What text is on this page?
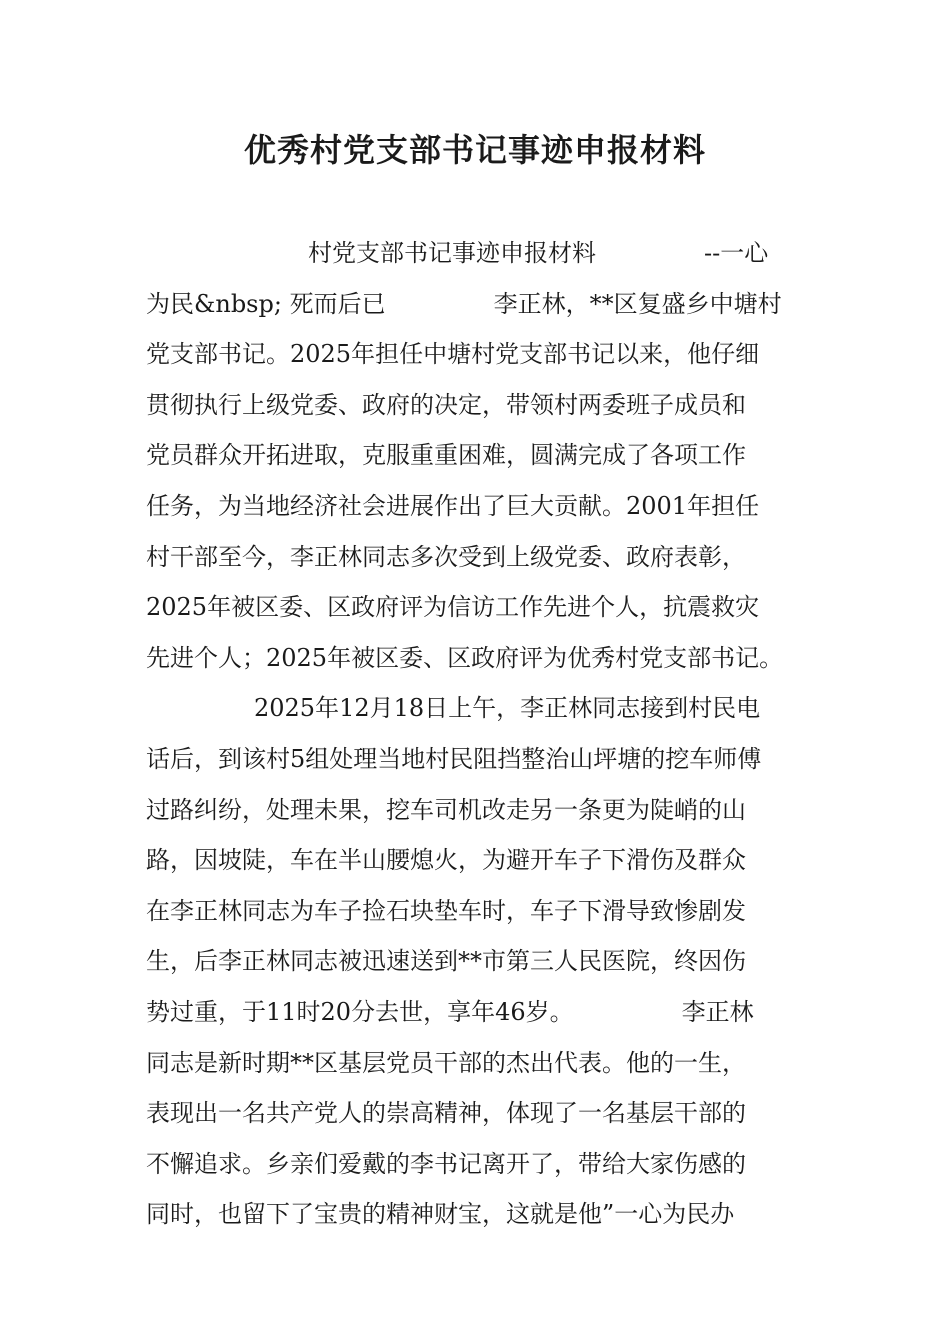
优秀村党支部书记事迹申报材料
村党支部书记事迹申报材料	--一心
为民&nbsp; 死而后已	李正林，**区复盛乡中塘村
党支部书记。2025年担任中塘村党支部书记以来，他仔细
贯彻执行上级党委、政府的决定，带领村两委班子成员和
党员群众开拓进取，克服重重困难，圆满完成了各项工作
任务，为当地经济社会进展作出了巨大贡献。2001年担任
村干部至今，李正林同志多次受到上级党委、政府表彰，
2025年被区委、区政府评为信访工作先进个人，抗震救灾
先进个人；2025年被区委、区政府评为优秀村党支部书记。
2025年12月18日上午，李正林同志接到村民电
话后，到该村5组处理当地村民阻挡整治山坪塘的挖车师傅
过路纠纷，处理未果，挖车司机改走另一条更为陡峭的山
路，因坡陡，车在半山腰熄火，为避开车子下滑伤及群众
在李正林同志为车子捡石块垫车时，车子下滑导致惨剧发
生，后李正林同志被迅速送到**市第三人民医院，终因伤
势过重，于11时20分去世，享年46岁。	李正林
同志是新时期**区基层党员干部的杰出代表。他的一生，
表现出一名共产党人的崇高精神，体现了一名基层干部的
不懈追求。乡亲们爱戴的李书记离开了，带给大家伤感的
同时，也留下了宝贵的精神财宝，这就是他”一心为民办
